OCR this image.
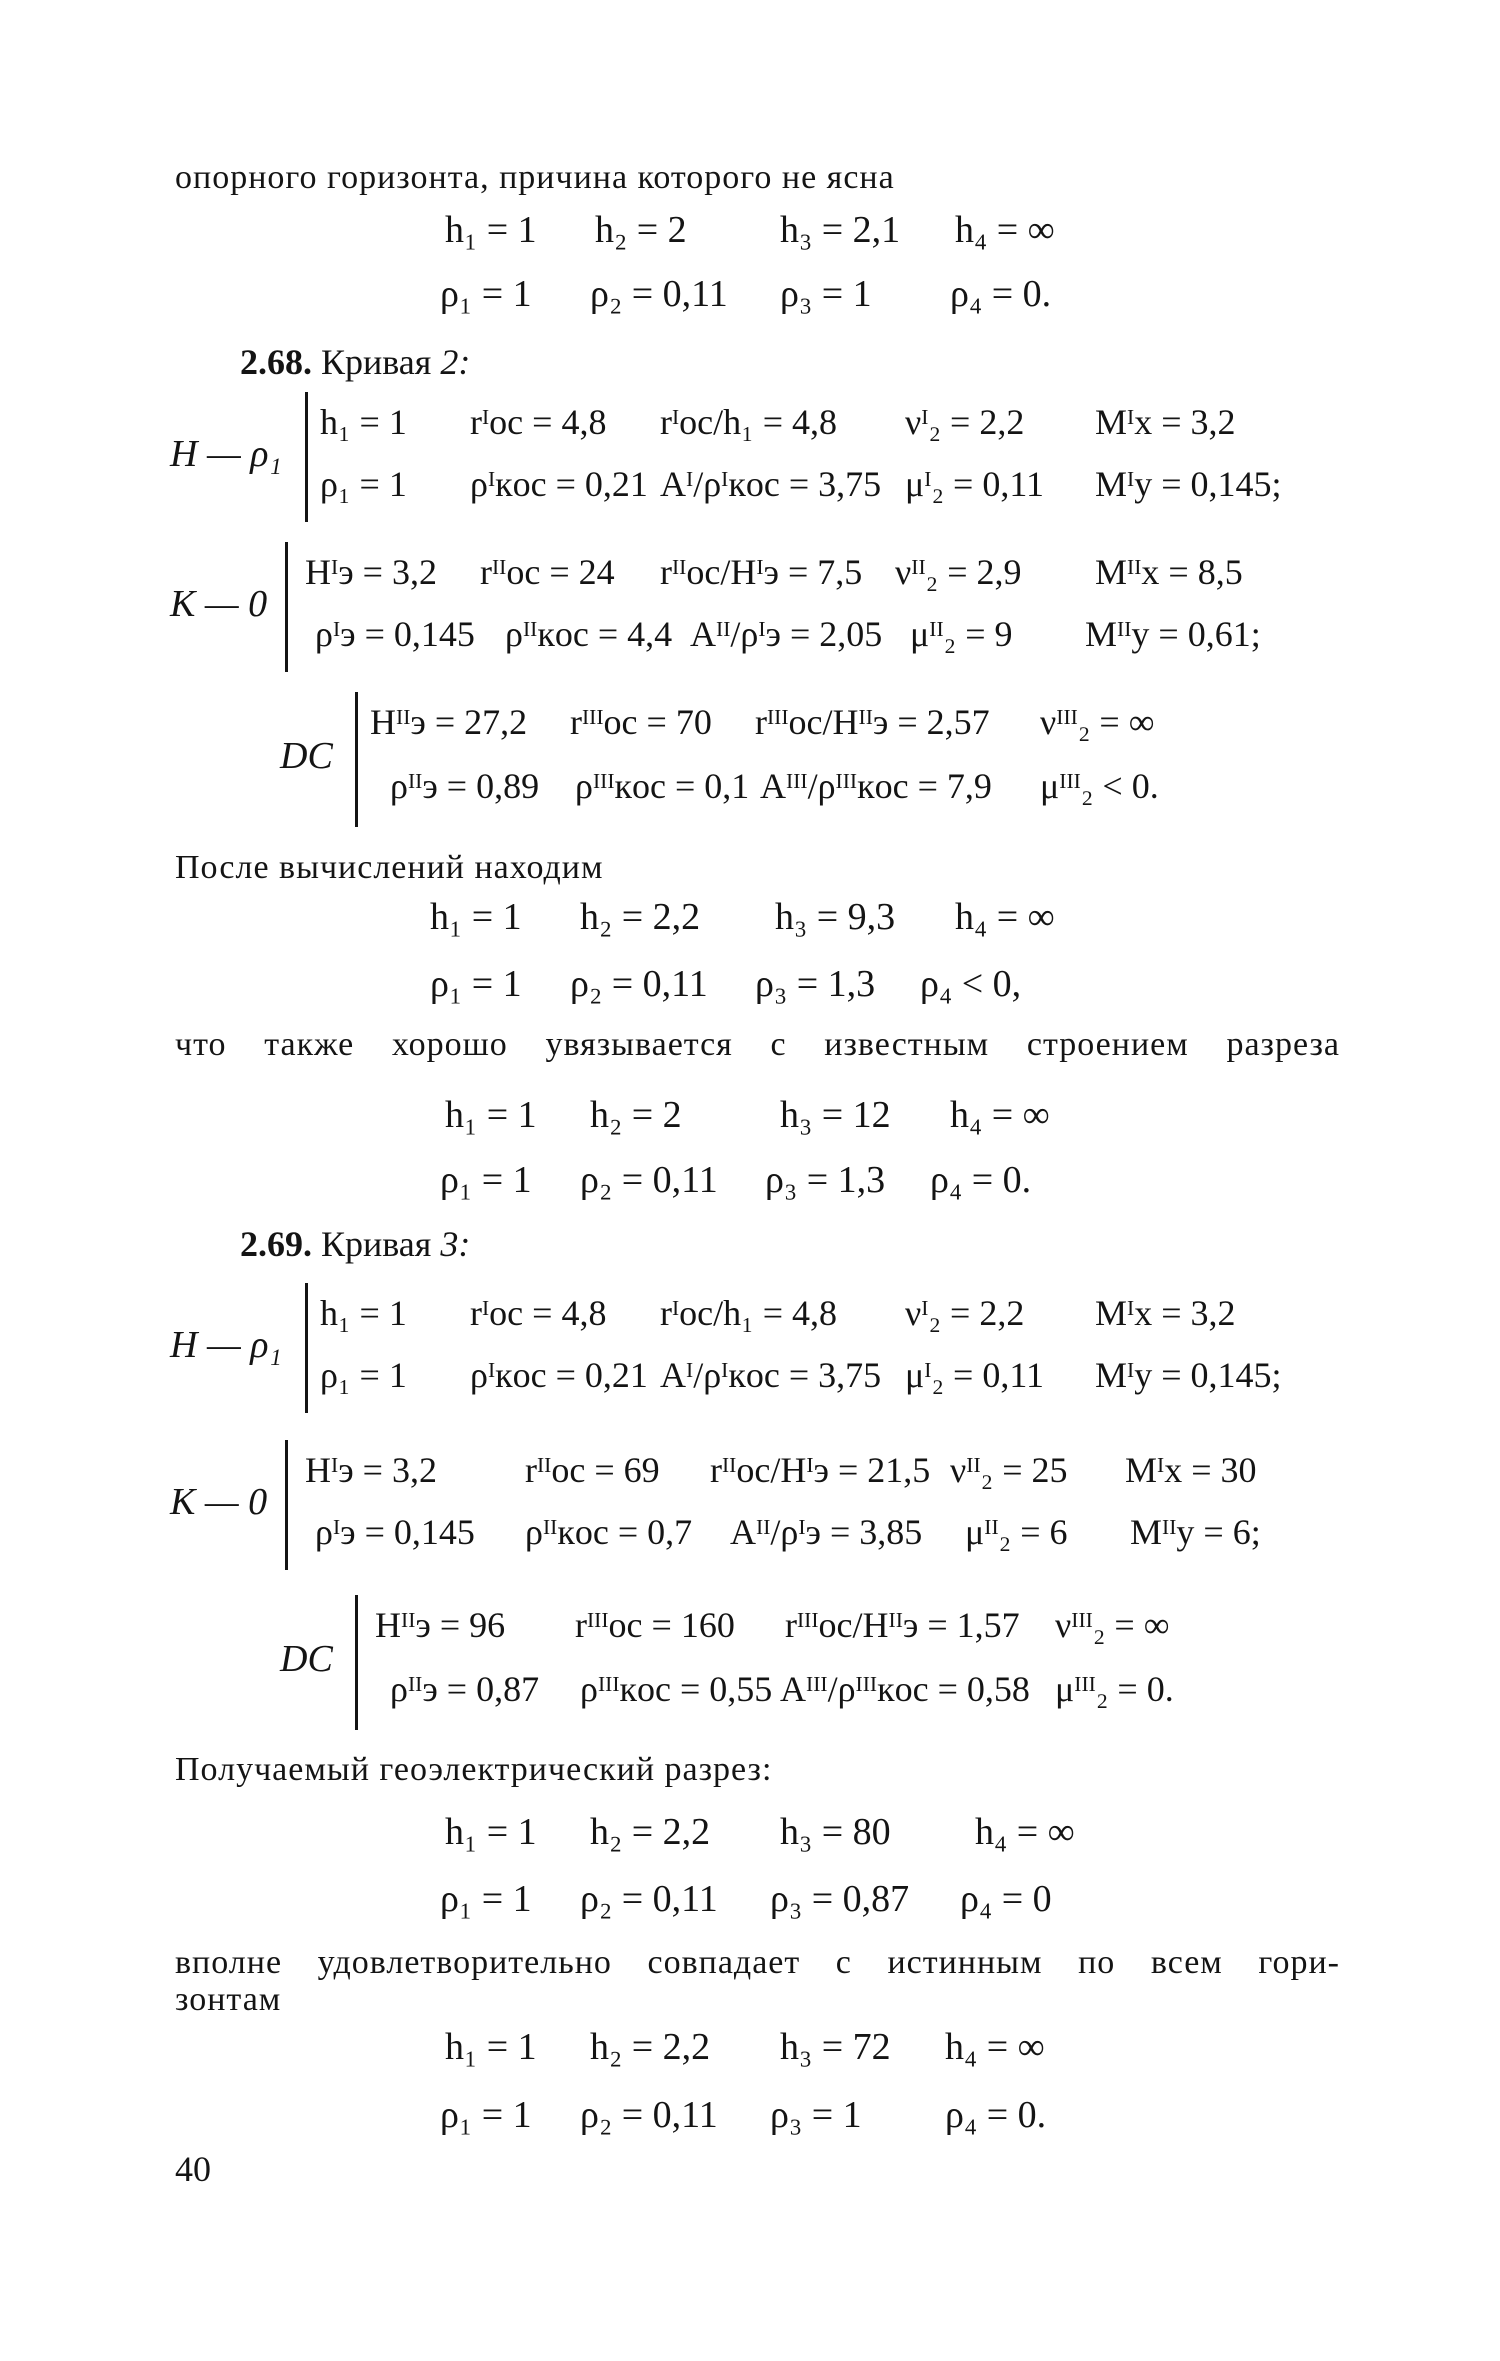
опорного горизонта, причина которого не ясна
h₁ = 1 h₂ = 2 h₃ = 2,1 h₄ = ∞
ρ₁ = 1 ρ₂ = 0,11 ρ₃ = 1 ρ₄ = 0.
2.68. Кривая 2:
H — ρ₁
h₁ = 1 rᴵoc = 4,8 rᴵoc/h₁ = 4,8 νᴵ₂ = 2,2 Mᴵx = 3,2
ρ₁ = 1 ρᴵкoc = 0,21 Aᴵ/ρᴵкoc = 3,75 μᴵ₂ = 0,11 Mᴵy = 0,145;
K — 0
Hᴵэ = 3,2 rᴵᴵoc = 24 rᴵᴵoc/Hᴵэ = 7,5 νᴵᴵ₂ = 2,9 Mᴵᴵx = 8,5
ρᴵэ = 0,145 ρᴵᴵкoc = 4,4 Aᴵᴵ/ρᴵэ = 2,05 μᴵᴵ₂ = 9 Mᴵᴵy = 0,61;
DC
Hᴵᴵэ = 27,2 rᴵᴵᴵoc = 70 rᴵᴵᴵoc/Hᴵᴵэ = 2,57 νᴵᴵᴵ₂ = ∞
ρᴵᴵэ = 0,89 ρᴵᴵᴵкoc = 0,1 Aᴵᴵᴵ/ρᴵᴵᴵкoc = 7,9 μᴵᴵᴵ₂ < 0.
После вычислений находим
h₁ = 1 h₂ = 2,2 h₃ = 9,3 h₄ = ∞
ρ₁ = 1 ρ₂ = 0,11 ρ₃ = 1,3 ρ₄ < 0,
что также хорошо увязывается с известным строением разреза
h₁ = 1 h₂ = 2	h₃ = 12 h₄ = ∞
ρ₁ = 1 ρ₂ = 0,11 ρ₃ = 1,3 ρ₄ = 0.
2.69. Кривая 3:
H — ρ₁
h₁ = 1 rᴵoc = 4,8 rᴵoc/h₁ = 4,8 νᴵ₂ = 2,2 Mᴵx = 3,2
ρ₁ = 1 ρᴵкoc = 0,21 Aᴵ/ρᴵкoc = 3,75 μᴵ₂ = 0,11 Mᴵy = 0,145;
K — 0
Hᴵэ = 3,2 rᴵᴵoc = 69 rᴵᴵoc/Hᴵэ = 21,5 νᴵᴵ₂ = 25 Mᴵx = 30
ρᴵэ = 0,145 ρᴵᴵкoc = 0,7 Aᴵᴵ/ρᴵэ = 3,85 μᴵᴵ₂ = 6 Mᴵᴵy = 6;
DC
Hᴵᴵэ = 96 rᴵᴵᴵoc = 160 rᴵᴵᴵoc/Hᴵᴵэ = 1,57 νᴵᴵᴵ₂ = ∞
ρᴵᴵэ = 0,87 ρᴵᴵᴵкoc = 0,55 Aᴵᴵᴵ/ρᴵᴵᴵкoc = 0,58 μᴵᴵᴵ₂ = 0.
Получаемый геоэлектрический разрез:
h₁ = 1 h₂ = 2,2 h₃ = 80 h₄ = ∞
ρ₁ = 1 ρ₂ = 0,11 ρ₃ = 0,87 ρ₄ = 0
вполне удовлетворительно совпадает с истинным по всем гори-
зонтам
h₁ = 1 h₂ = 2,2 h₃ = 72 h₄ = ∞
ρ₁ = 1 ρ₂ = 0,11 ρ₃ = 1 ρ₄ = 0.
40
